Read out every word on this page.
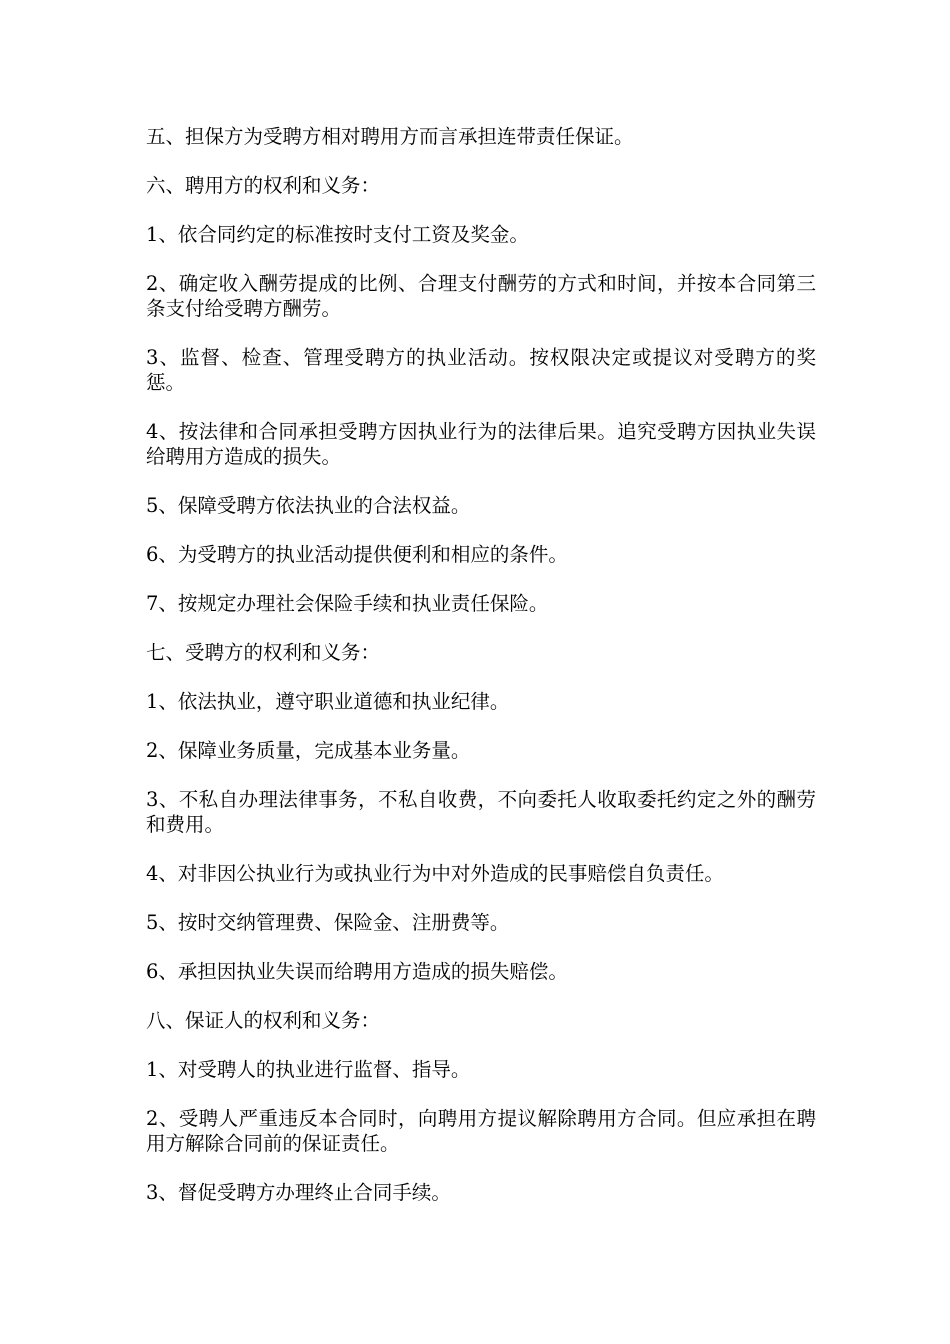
五、担保方为受聘方相对聘用方而言承担连带责任保证。

六、聘用方的权利和义务：

1、依合同约定的标准按时支付工资及奖金。

2、确定收入酬劳提成的比例、合理支付酬劳的方式和时间，并按本合同第三条支付给受聘方酬劳。

3、监督、检查、管理受聘方的执业活动。按权限决定或提议对受聘方的奖惩。

4、按法律和合同承担受聘方因执业行为的法律后果。追究受聘方因执业失误给聘用方造成的损失。

5、保障受聘方依法执业的合法权益。

6、为受聘方的执业活动提供便利和相应的条件。

7、按规定办理社会保险手续和执业责任保险。

七、受聘方的权利和义务：

1、依法执业，遵守职业道德和执业纪律。

2、保障业务质量，完成基本业务量。

3、不私自办理法律事务，不私自收费，不向委托人收取委托约定之外的酬劳和费用。

4、对非因公执业行为或执业行为中对外造成的民事赔偿自负责任。

5、按时交纳管理费、保险金、注册费等。

6、承担因执业失误而给聘用方造成的损失赔偿。

八、保证人的权利和义务：

1、对受聘人的执业进行监督、指导。

2、受聘人严重违反本合同时，向聘用方提议解除聘用方合同。但应承担在聘用方解除合同前的保证责任。

3、督促受聘方办理终止合同手续。
